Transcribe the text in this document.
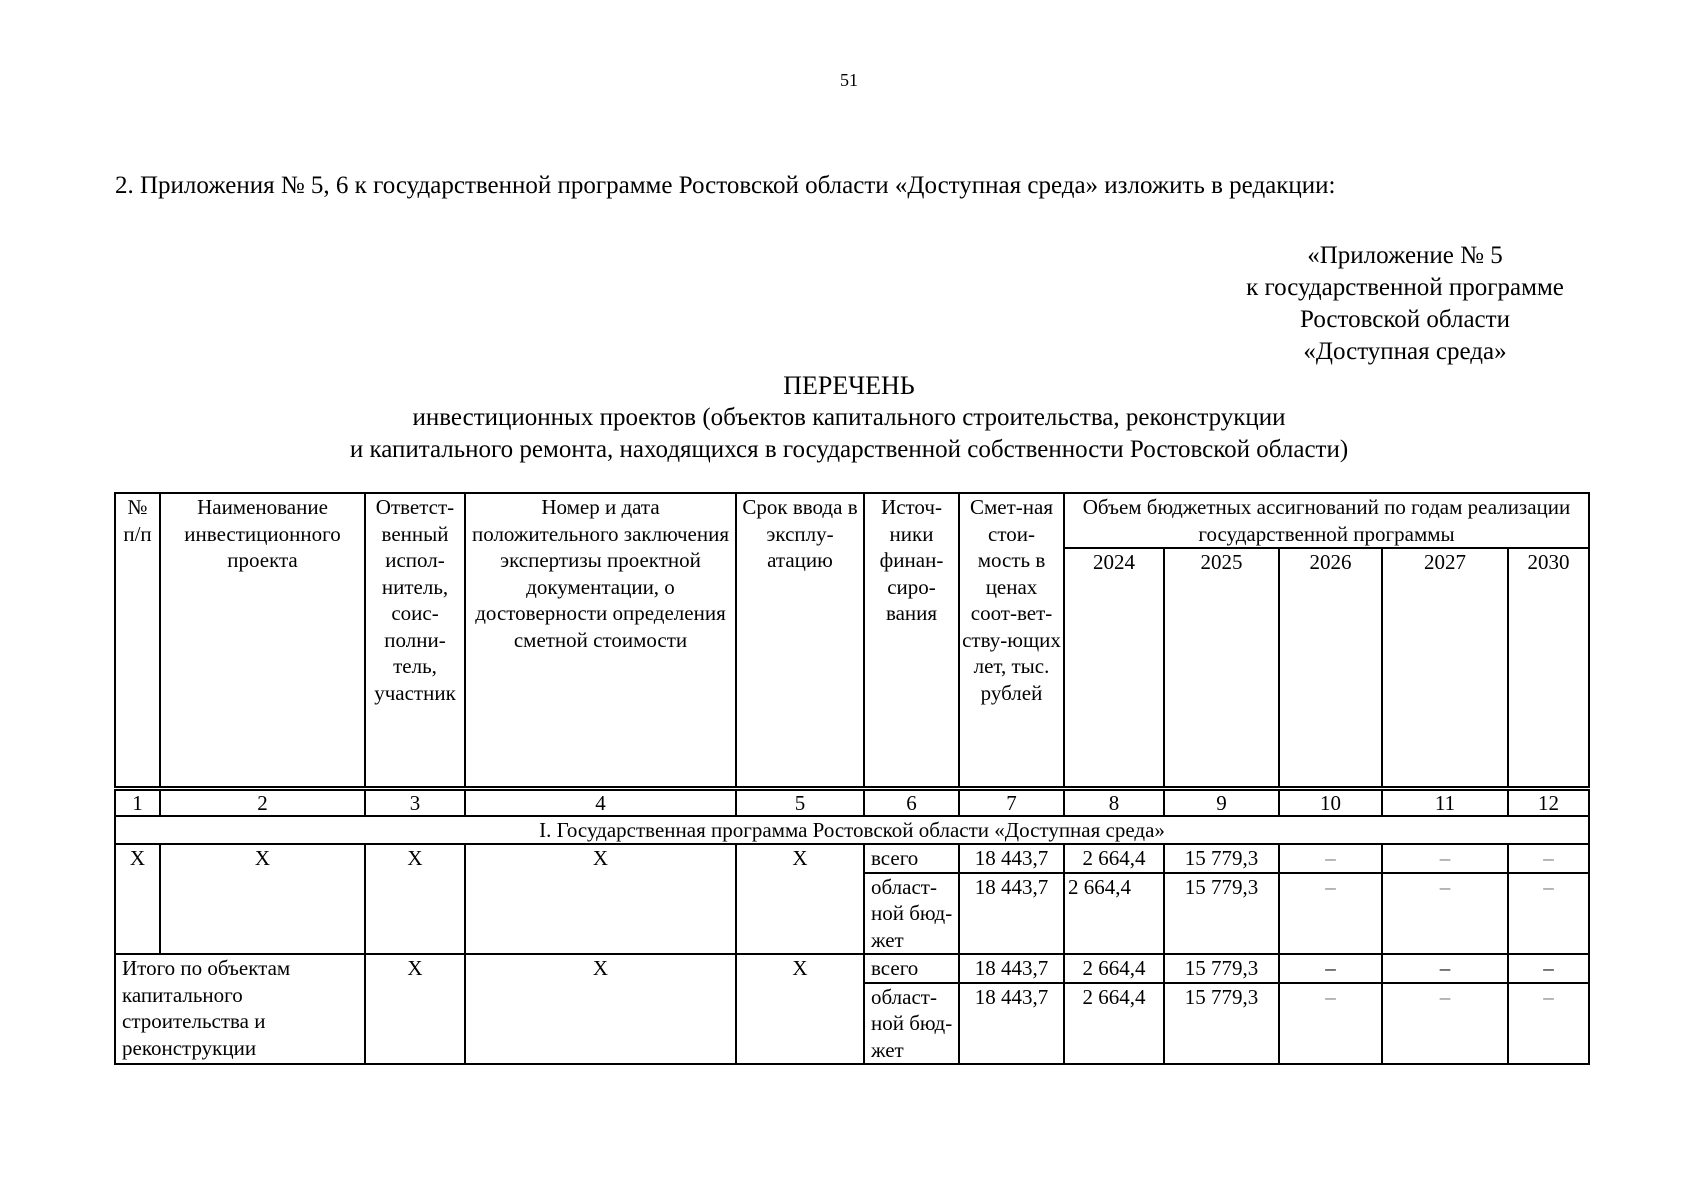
51
2. Приложения № 5, 6 к государственной программе Ростовской области «Доступная среда» изложить в редакции:
«Приложение № 5
к государственной программе
Ростовской области
«Доступная среда»
ПЕРЕЧЕНЬ
инвестиционных проектов (объектов капитального строительства, реконструкции
и капитального ремонта, находящихся в государственной собственности Ростовской области)
№ п/п	Наименование инвестиционного проекта	Ответст-венный испол-нитель, соис-полни-тель, участник	Номер и дата положительного заключения экспертизы проектной документации, о достоверности определения сметной стоимости	Срок ввода в эксплу-атацию	Источ-ники финан-сиро-вания	Смет-ная стои-мость в ценах соот-вет-ству-ющих лет, тыс. рублей	Объем бюджетных ассигнований по годам реализации государственной программы				
							2024	2025	2026	2027	2030
1	2	3	4	5	6	7	8	9	10	11	12
I. Государственная программа Ростовской области «Доступная среда»											
Х	Х	Х	Х	Х	всего	18 443,7	2 664,4	15 779,3	–	–	–
					област-ной бюд-жет	18 443,7	2 664,4	15 779,3	–	–	–
Итого по объектам капитального строительства и реконструкции		Х	Х	Х	всего	18 443,7	2 664,4	15 779,3	–	–	–
					област-ной бюд-жет	18 443,7	2 664,4	15 779,3	–	–	–
